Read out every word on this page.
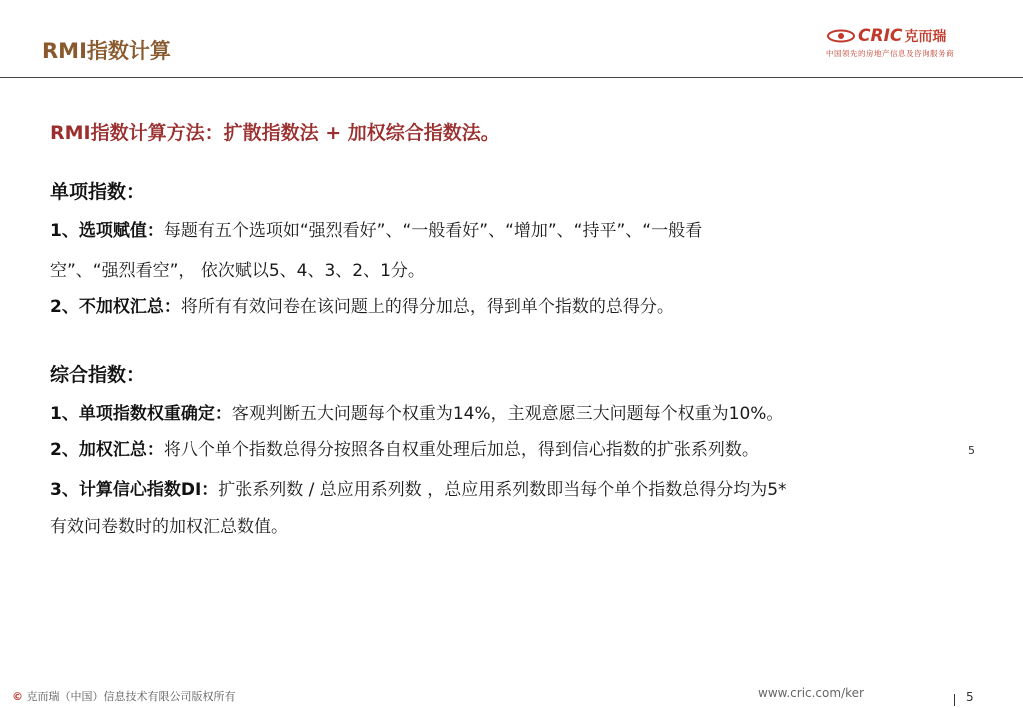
RMI指数计算
CRIC 克而瑞
中国领先的房地产信息及咨询服务商
RMI指数计算方法：扩散指数法 + 加权综合指数法。
单项指数：
1、选项赋值：每题有五个选项如“强烈看好”、“一般看好”、“增加”、“持平”、“一般看
空”、“强烈看空”， 依次赋以5、4、3、2、1分。
2、不加权汇总：将所有有效问卷在该问题上的得分加总，得到单个指数的总得分。
综合指数：
1、单项指数权重确定：客观判断五大问题每个权重为14%，主观意愿三大问题每个权重为10%。
2、加权汇总：将八个单个指数总得分按照各自权重处理后加总，得到信心指数的扩张系列数。	5
3、计算信心指数DI：扩张系列数 / 总应用系列数 ，总应用系列数即当每个单个指数总得分均为5*
有效问卷数时的加权汇总数值。
© 克而瑞（中国）信息技术有限公司版权所有	www.cric.com/ker	5
